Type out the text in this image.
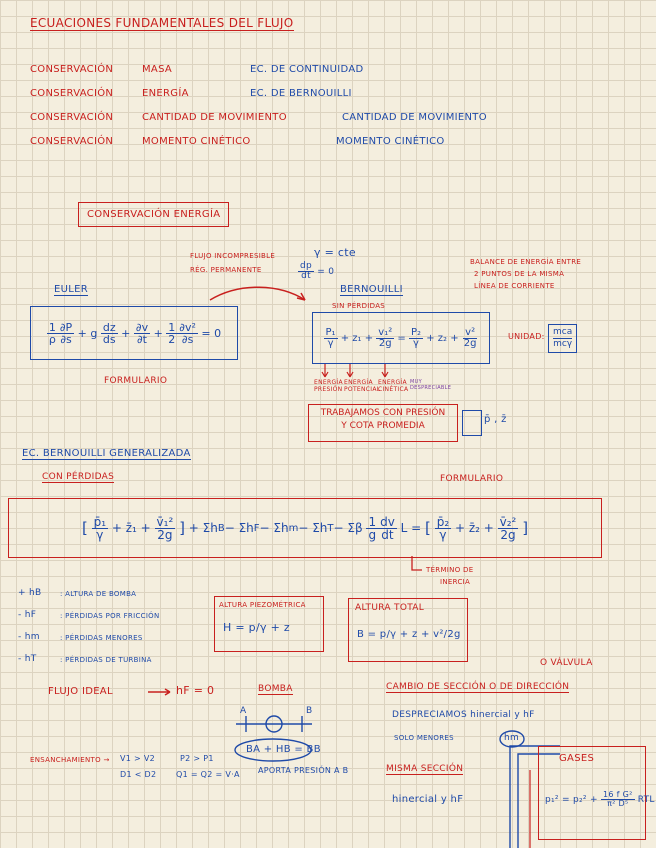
ECUACIONES FUNDAMENTALES DEL FLUJO
CONSERVACIÓN	MASA	EC. DE CONTINUIDAD
CONSERVACIÓN	ENERGÍA	EC. DE BERNOUILLI
CONSERVACIÓN	CANTIDAD DE MOVIMIENTO	CANTIDAD DE MOVIMIENTO
CONSERVACIÓN	MOMENTO CINÉTICO	MOMENTO CINÉTICO
CONSERVACIÓN ENERGÍA
FLUJO INCOMPRESIBLE	γ = cte
RÉG. PERMANENTE	$\frac{dp}{dt} = 0$
BALANCE DE ENERGÍA ENTRE
2 PUNTOS DE LA MISMA
LÍNEA DE CORRIENTE
EULER
$\frac{1}{\rho} \frac{\partial P}{\partial s} + g \frac{dz}{ds} + \frac{\partial v}{\partial t} + \frac{1}{2} \frac{\text{∂v²}}{\partial s} = 0$
FORMULARIO
BERNOUILLI
SIN PÉRDIDAS
$\frac{\text{P₁}}{\gamma} + z_1 + \frac{\text{v₁²}}{2g} = \frac{\text{P₂}}{\gamma} + z_2 + \frac{\text{v²}}{2g}$	UNIDAD: mca
mcγ
ENERGÍA PRESIÓN
ENERGÍA POTENCIAL
ENERGÍA CINÉTICA
MUY DESPRECIABLE
TRABAJAMOS CON PRESIÓN
Y COTA PROMEDIA
p̄ , z̄
EC. BERNOUILLI GENERALIZADA
CON PÉRDIDAS	FORMULARIO
[
$\frac{\text{p̄₁}}{\gamma}$ + z̄₁ + $\frac{\text{v̄₁²}}{2g}$
] + Σh B − Σh F − Σh m − Σh T − Σβ $\frac{1}{g} \frac{dv}{dt}$ L = [
$\frac{\text{p̄₂}}{\gamma}$ + z̄₂ + $\frac{\text{v̄₂²}}{2g}$
]
TÉRMINO DE
INERCIA
+ hB	: ALTURA DE BOMBA
- hF	: PÉRDIDAS POR FRICCIÓN
- hm	: PÉRDIDAS MENORES
- hT	: PÉRDIDAS DE TURBINA
ALTURA PIEZOMÉTRICA
H = p/γ + z
ALTURA TOTAL
B = p/γ + z + v²/2g
FLUJO IDEAL	hF = 0	BOMBA
A	B
BA + HB = BB
APORTA PRESIÓN A B
ENSANCHAMIENTO → V1 > V2
D1 < D2
P2 > P1
Q1 = Q2 = V·A
O VÁLVULA
CAMBIO DE SECCIÓN O DE DIRECCIÓN
DESPRECIAMOS hinercial y hF
SOLO MENORES	hm
MISMA SECCIÓN
hinercial y hF
GASES
$p_1^2 = p_2^2 + \frac{\text{16 f G²}}{\text{π² D⁵}}$ RTL
